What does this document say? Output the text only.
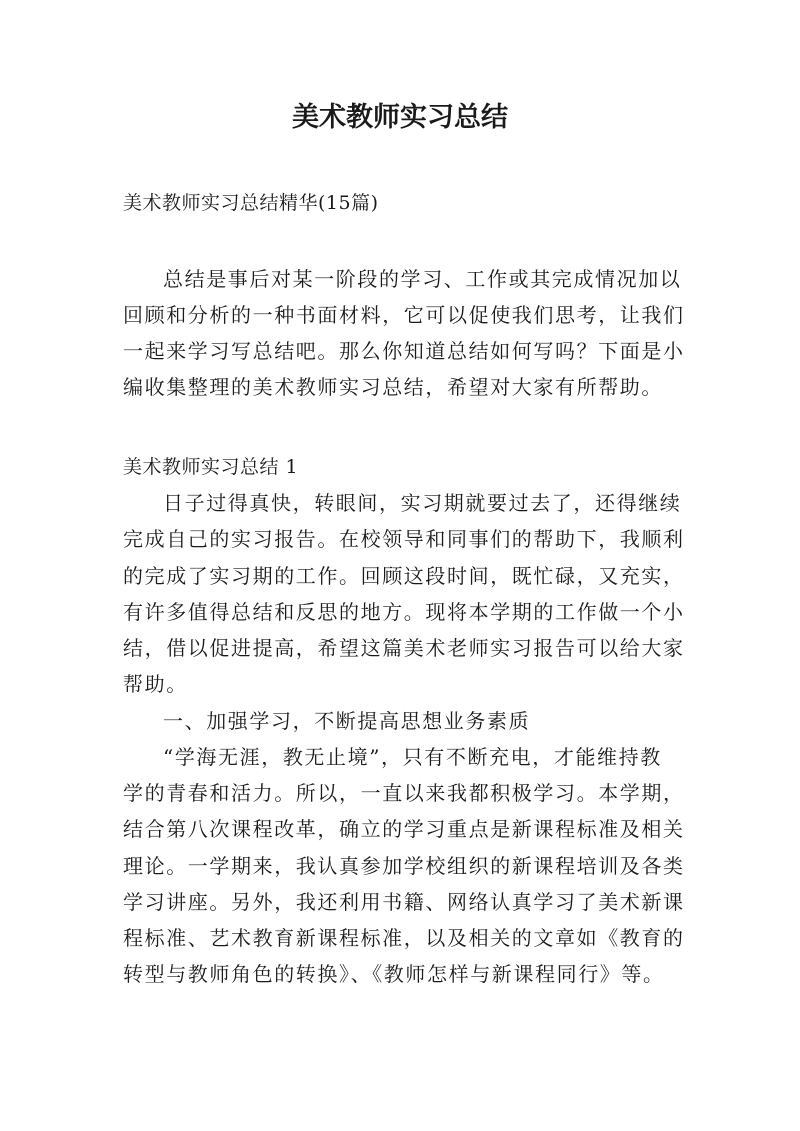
美术教师实习总结
美术教师实习总结精华(15篇)
总结是事后对某一阶段的学习、工作或其完成情况加以
回顾和分析的一种书面材料，它可以促使我们思考，让我们
一起来学习写总结吧。那么你知道总结如何写吗？下面是小
编收集整理的美术教师实习总结，希望对大家有所帮助。
美术教师实习总结 1
日子过得真快，转眼间，实习期就要过去了，还得继续
完成自己的实习报告。在校领导和同事们的帮助下，我顺利
的完成了实习期的工作。回顾这段时间，既忙碌，又充实，
有许多值得总结和反思的地方。现将本学期的工作做一个小
结，借以促进提高，希望这篇美术老师实习报告可以给大家
帮助。
一、加强学习，不断提高思想业务素质
“学海无涯，教无止境”，只有不断充电，才能维持教
学的青春和活力。所以，一直以来我都积极学习。本学期，
结合第八次课程改革，确立的学习重点是新课程标准及相关
理论。一学期来，我认真参加学校组织的新课程培训及各类
学习讲座。另外，我还利用书籍、网络认真学习了美术新课
程标准、艺术教育新课程标准，以及相关的文章如《教育的
转型与教师角色的转换》、《教师怎样与新课程同行》等。
